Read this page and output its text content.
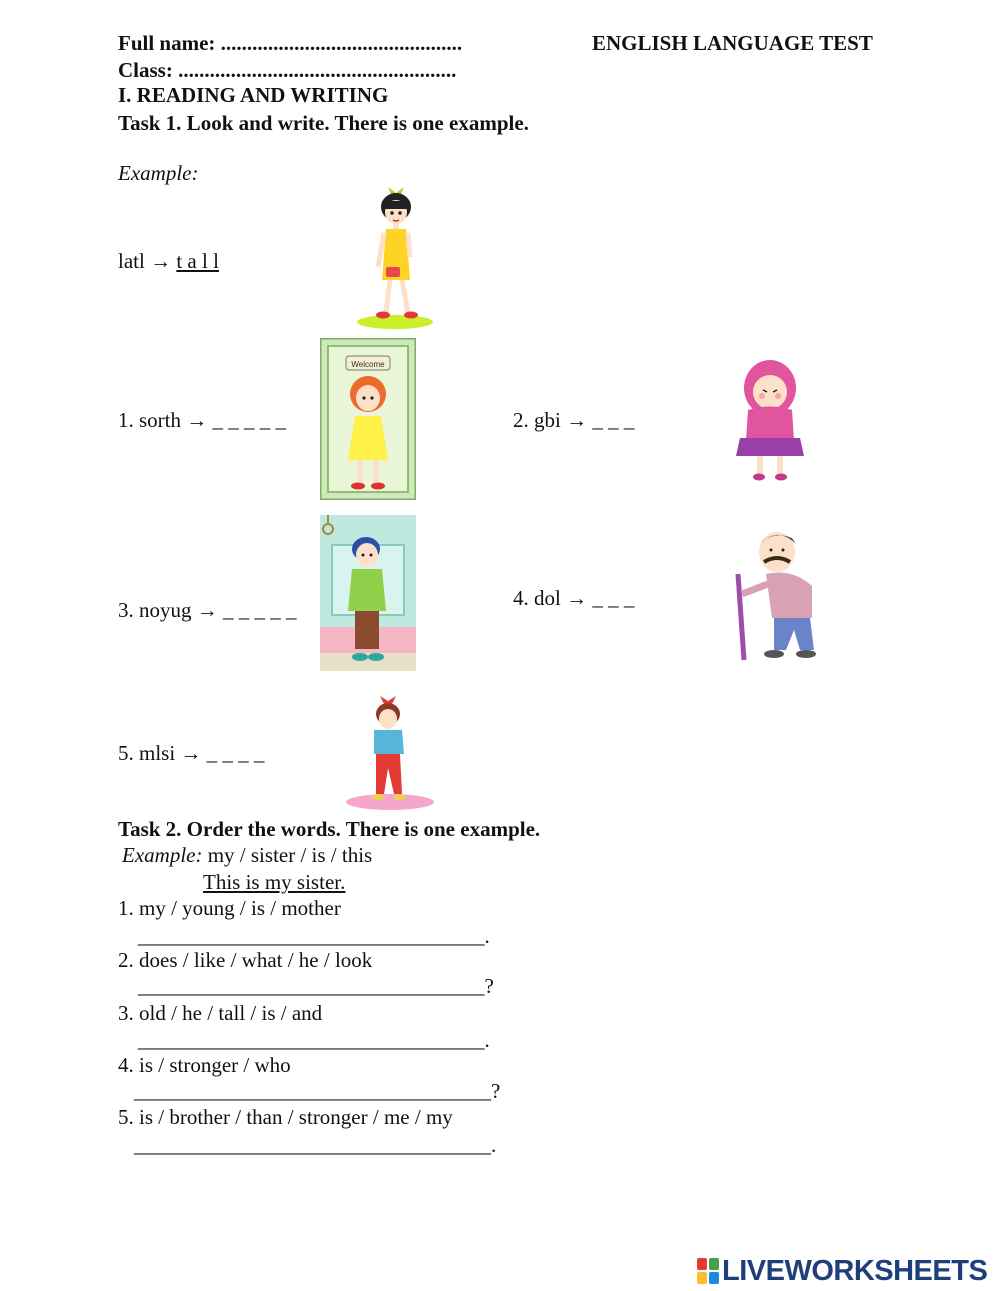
Full name: ..............................................	ENGLISH LANGUAGE TEST
Class: .....................................................
I. READING AND WRITING
Task 1. Look and write. There is one example.
Example:
latl → t a l l
1. sorth → _ _ _ _ _
Welcome
2. gbi → _ _ _
3. noyug → _ _ _ _ _	4. dol → _ _ _
5. mlsi → _ _ _ _
Task 2. Order the words. There is one example.
Example: my / sister / is / this
This is my sister.
1. my / young / is / mother
_________________________________.
2. does / like / what / he / look
_________________________________?
3. old / he / tall / is / and
_________________________________.
4. is / stronger / who
__________________________________?
5. is / brother / than / stronger / me / my
__________________________________.
LIVEWORKSHEETS
